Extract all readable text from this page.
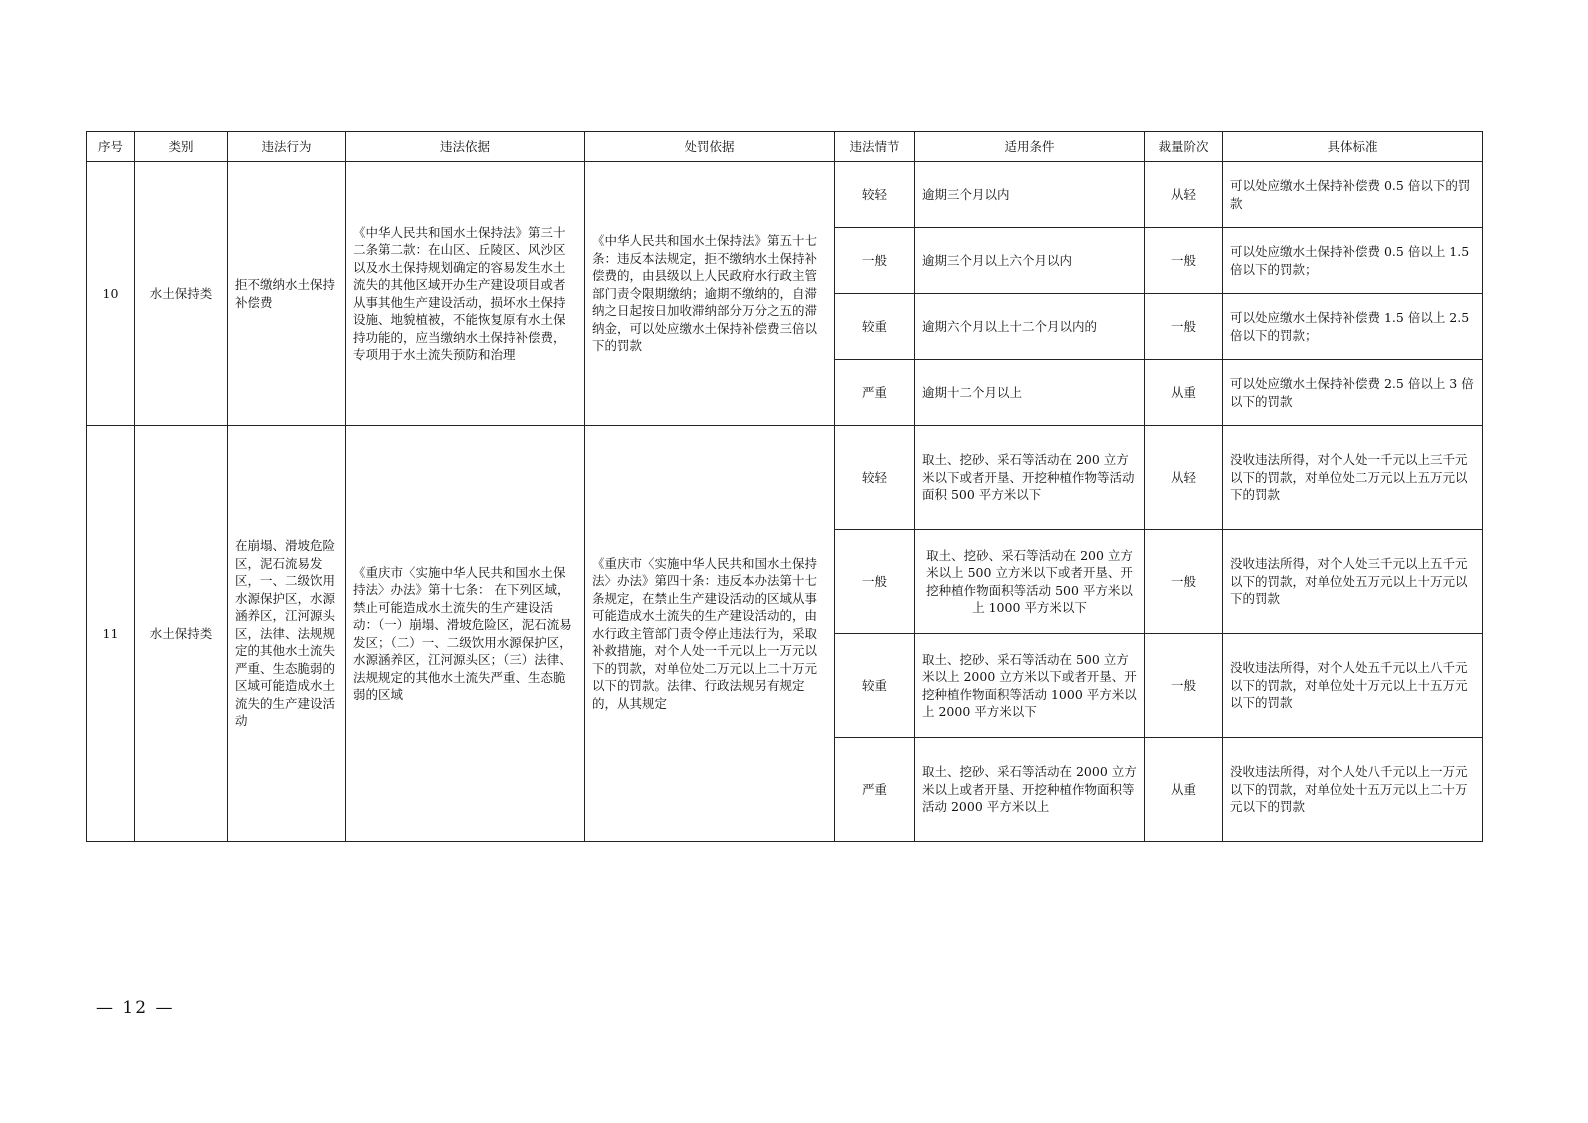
序号	类别	违法行为	违法依据	处罚依据	违法情节	适用条件	裁量阶次	具体标准
10	水土保持类	拒不缴纳水土保持补偿费	《中华人民共和国水土保持法》第三十二条第二款：在山区、丘陵区、风沙区以及水土保持规划确定的容易发生水土流失的其他区域开办生产建设项目或者从事其他生产建设活动，损坏水土保持设施、地貌植被，不能恢复原有水土保持功能的，应当缴纳水土保持补偿费，专项用于水土流失预防和治理	《中华人民共和国水土保持法》第五十七条：违反本法规定，拒不缴纳水土保持补偿费的，由县级以上人民政府水行政主管部门责令限期缴纳；逾期不缴纳的，自滞纳之日起按日加收滞纳部分万分之五的滞纳金，可以处应缴水土保持补偿费三倍以下的罚款	较轻	逾期三个月以内	从轻	可以处应缴水土保持补偿费 0.5 倍以下的罚款
					一般	逾期三个月以上六个月以内	一般	可以处应缴水土保持补偿费 0.5 倍以上 1.5 倍以下的罚款；
					较重	逾期六个月以上十二个月以内的	一般	可以处应缴水土保持补偿费 1.5 倍以上 2.5 倍以下的罚款；
					严重	逾期十二个月以上	从重	可以处应缴水土保持补偿费 2.5 倍以上 3 倍以下的罚款
11	水土保持类	在崩塌、滑坡危险区，泥石流易发区，一、二级饮用水源保护区，水源涵养区，江河源头区，法律、法规规定的其他水土流失严重、生态脆弱的区域可能造成水土流失的生产建设活动	《重庆市〈实施中华人民共和国水土保持法〉办法》第十七条： 在下列区域，禁止可能造成水土流失的生产建设活动：（一）崩塌、滑坡危险区，泥石流易发区；（二）一、二级饮用水源保护区，水源涵养区，江河源头区；（三）法律、法规规定的其他水土流失严重、生态脆弱的区域	《重庆市〈实施中华人民共和国水土保持法〉办法》第四十条：违反本办法第十七条规定，在禁止生产建设活动的区域从事可能造成水土流失的生产建设活动的，由水行政主管部门责令停止违法行为，采取补救措施，对个人处一千元以上一万元以下的罚款，对单位处二万元以上二十万元以下的罚款。法律、行政法规另有规定的，从其规定	较轻	取土、挖砂、采石等活动在 200 立方米以下或者开垦、开挖种植作物等活动面积 500 平方米以下	从轻	没收违法所得，对个人处一千元以上三千元以下的罚款，对单位处二万元以上五万元以下的罚款
					一般	取土、挖砂、采石等活动在 200 立方米以上 500 立方米以下或者开垦、开挖种植作物面积等活动 500 平方米以上 1000 平方米以下	一般	没收违法所得，对个人处三千元以上五千元以下的罚款，对单位处五万元以上十万元以下的罚款
					较重	取土、挖砂、采石等活动在 500 立方米以上 2000 立方米以下或者开垦、开挖种植作物面积等活动 1000 平方米以上 2000 平方米以下	一般	没收违法所得，对个人处五千元以上八千元以下的罚款，对单位处十万元以上十五万元以下的罚款
					严重	取土、挖砂、采石等活动在 2000 立方米以上或者开垦、开挖种植作物面积等活动 2000 平方米以上	从重	没收违法所得，对个人处八千元以上一万元以下的罚款，对单位处十五万元以上二十万元以下的罚款
— 12 —
